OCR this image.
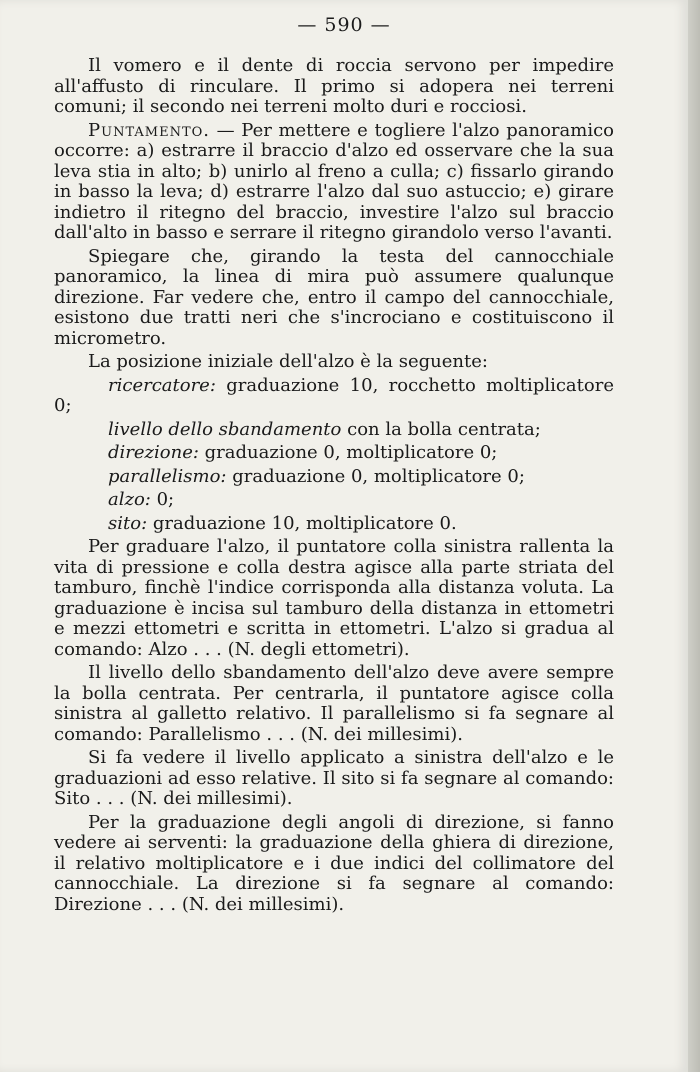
— 590 —

Il vomero e il dente di roccia servono per impedire all'affusto di rinculare. Il primo si adopera nei terreni comuni; il secondo nei terreni molto duri e rocciosi.

Puntamento. — Per mettere e togliere l'alzo panoramico occorre: a) estrarre il braccio d'alzo ed osservare che la sua leva stia in alto; b) unirlo al freno a culla; c) fissarlo girando in basso la leva; d) estrarre l'alzo dal suo astuccio; e) girare indietro il ritegno del braccio, investire l'alzo sul braccio dall'alto in basso e serrare il ritegno girandolo verso l'avanti.

Spiegare che, girando la testa del cannocchiale panoramico, la linea di mira può assumere qualunque direzione. Far vedere che, entro il campo del cannocchiale, esistono due tratti neri che s'incrociano e costituiscono il micrometro.

La posizione iniziale dell'alzo è la seguente:

ricercatore: graduazione 10, rocchetto moltiplicatore 0;

livello dello sbandamento con la bolla centrata;

direzione: graduazione 0, moltiplicatore 0;

parallelismo: graduazione 0, moltiplicatore 0;

alzo: 0;

sito: graduazione 10, moltiplicatore 0.

Per graduare l'alzo, il puntatore colla sinistra rallenta la vita di pressione e colla destra agisce alla parte striata del tamburo, finchè l'indice corrisponda alla distanza voluta. La graduazione è incisa sul tamburo della distanza in ettometri e mezzi ettometri e scritta in ettometri. L'alzo si gradua al comando: Alzo . . . (N. degli ettometri).

Il livello dello sbandamento dell'alzo deve avere sempre la bolla centrata. Per centrarla, il puntatore agisce colla sinistra al galletto relativo. Il parallelismo si fa segnare al comando: Parallelismo . . . (N. dei millesimi).

Si fa vedere il livello applicato a sinistra dell'alzo e le graduazioni ad esso relative. Il sito si fa segnare al comando: Sito . . . (N. dei millesimi).

Per la graduazione degli angoli di direzione, si fanno vedere ai serventi: la graduazione della ghiera di direzione, il relativo moltiplicatore e i due indici del collimatore del cannocchiale. La direzione si fa segnare al comando: Direzione . . . (N. dei millesimi).
